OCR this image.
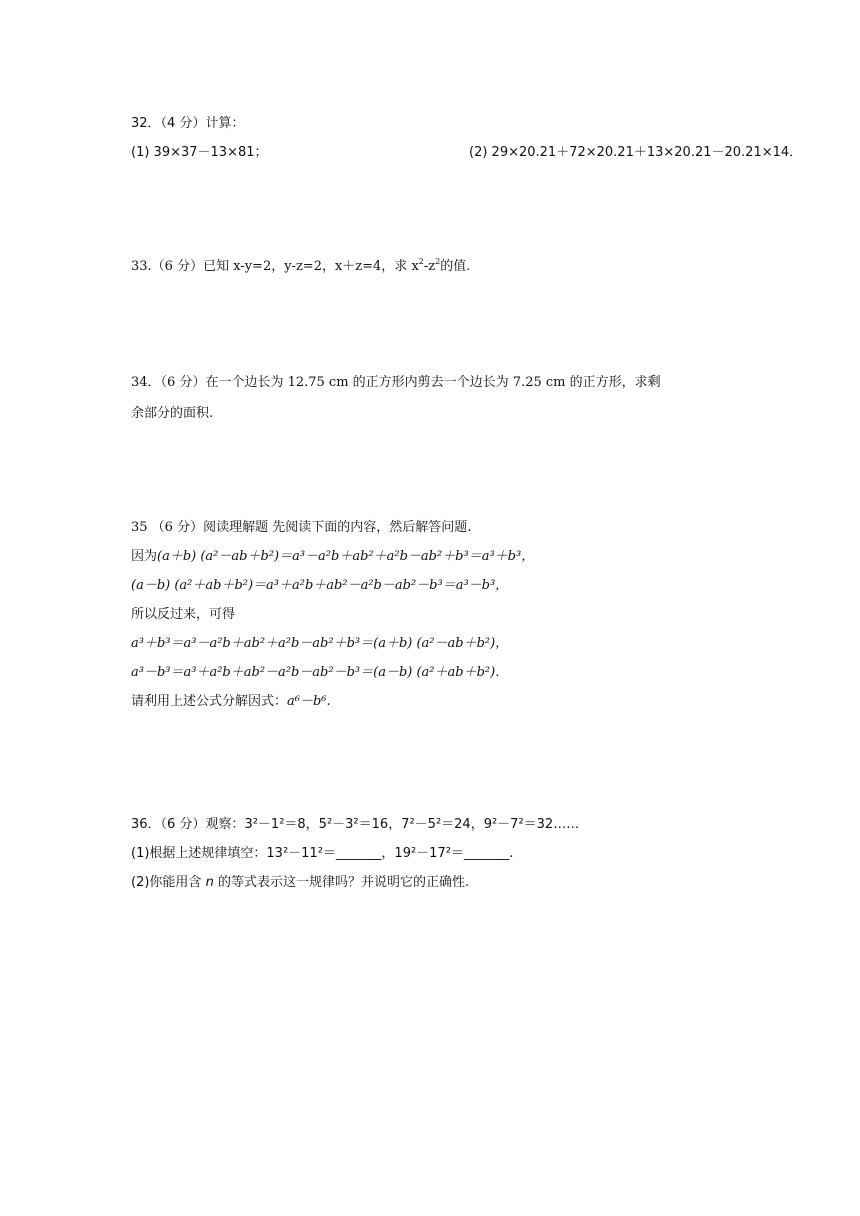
32．（4 分）计算：
(1) 39×37－13×81；	(2) 29×20.21＋72×20.21＋13×20.21－20.21×14．
33.（6 分）已知 x-y=2，y-z=2，x＋z=4，求 $x^2-z^2$的值.
34．（6 分）在一个边长为 12.75 cm 的正方形内剪去一个边长为 7.25 cm 的正方形，求剩
余部分的面积.
35 （6 分）阅读理解题 先阅读下面的内容，然后解答问题.
因为(a＋b) (a²－ab＋b²)＝a³－a²b＋ab²＋a²b－ab²＋b³＝a³＋b³，
(a－b) (a²＋ab＋b²)＝a³＋a²b＋ab²－a²b－ab²－b³＝a³－b³，
所以反过来，可得
a³＋b³＝a³－a²b＋ab²＋a²b－ab²＋b³＝(a＋b) (a²－ab＋b²)，
a³－b³＝a³＋a²b＋ab²－a²b－ab²－b³＝(a－b) (a²＋ab＋b²)．
请利用上述公式分解因式：a⁶－b⁶.
36．（6 分）观察：3²－1²＝8，5²－3²＝16，7²－5²＝24，9²－7²＝32……
(1)根据上述规律填空：13²－11²＝_______，19²－17²＝_______.
(2)你能用含 n 的等式表示这一规律吗？并说明它的正确性.
